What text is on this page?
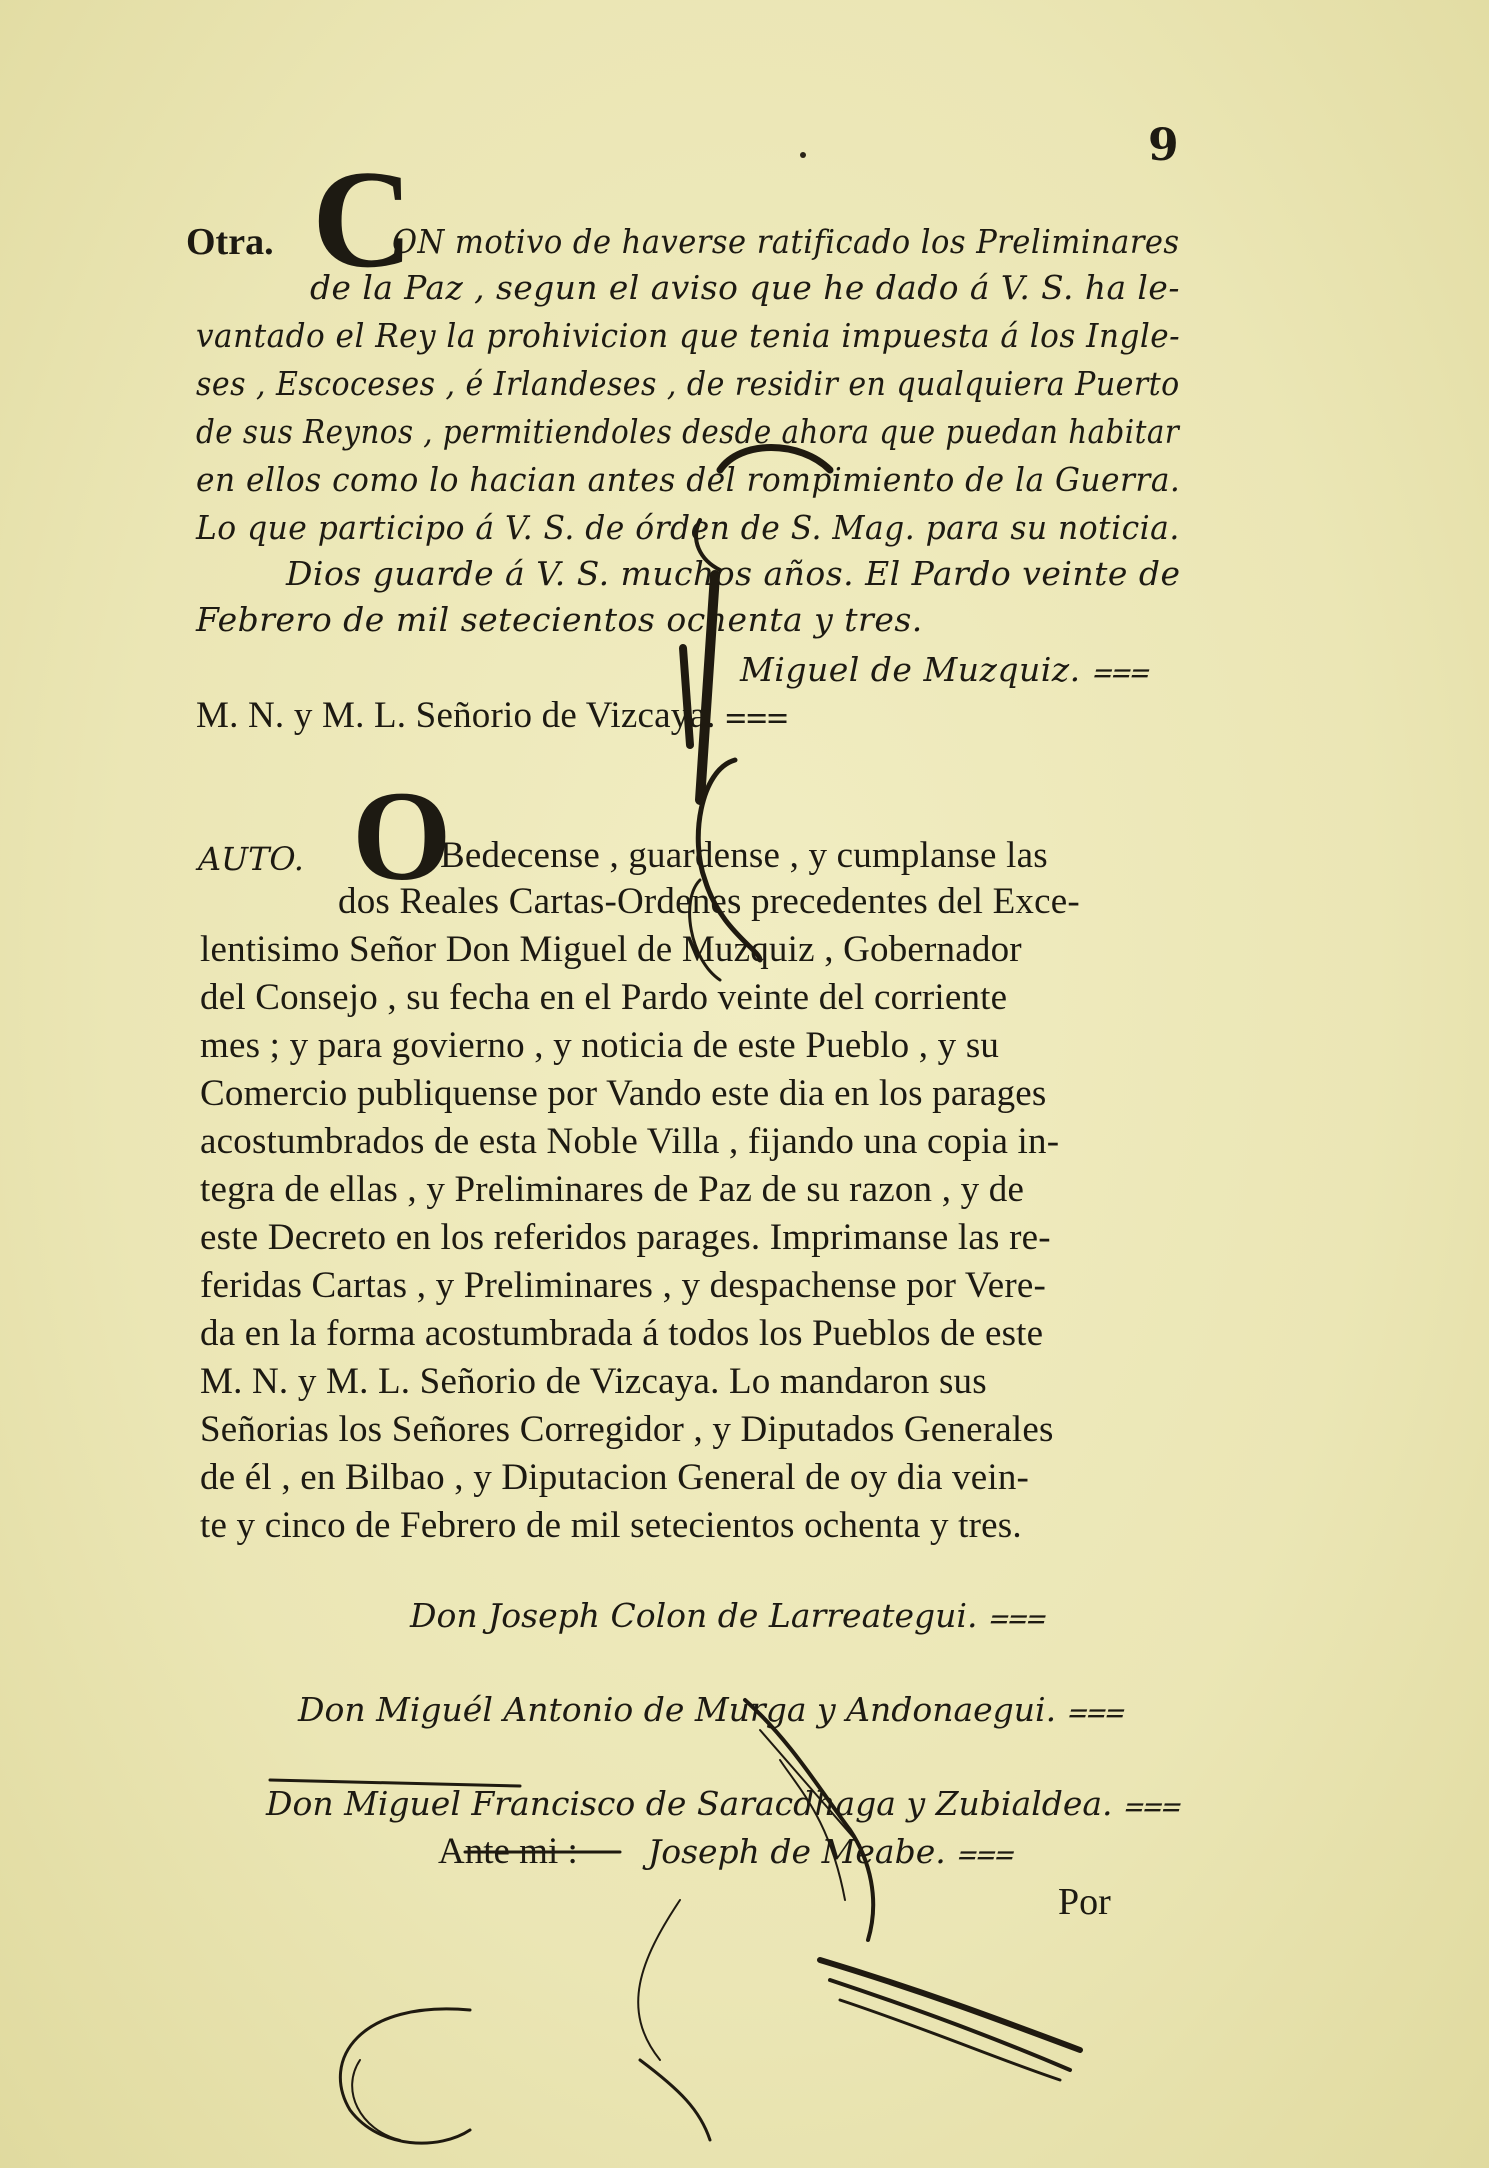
9
Otra. C
ON motivo de haverse ratificado los Preliminares
de la Paz , segun el aviso que he dado á V. S. ha le-
vantado el Rey la prohivicion que tenia impuesta á los Ingle-
ses , Escoceses , é Irlandeses , de residir en qualquiera Puerto
de sus Reynos , permitiendoles desde ahora que puedan habitar
en ellos como lo hacian antes del rompimiento de la Guerra.
Lo que participo á V. S. de órden de S. Mag. para su noticia.
Dios guarde á V. S. muchos años. El Pardo veinte de
Febrero de mil setecientos ochenta y tres.
Miguel de Muzquiz. ⩶
M. N. y M. L. Señorio de Vizcaya. ⩶
AUTO. O
Bedecense , guardense , y cumplanse las
dos Reales Cartas-Ordenes precedentes del Exce-
lentisimo Señor Don Miguel de Muzquiz , Gobernador
del Consejo , su fecha en el Pardo veinte del corriente
mes ; y para govierno , y noticia de este Pueblo , y su
Comercio publiquense por Vando este dia en los parages
acostumbrados de esta Noble Villa , fijando una copia in-
tegra de ellas , y Preliminares de Paz de su razon , y de
este Decreto en los referidos parages. Imprimanse las re-
feridas Cartas , y Preliminares , y despachense por Vere-
da en la forma acostumbrada á todos los Pueblos de este
M. N. y M. L. Señorio de Vizcaya. Lo mandaron sus
Señorias los Señores Corregidor , y Diputados Generales
de él , en Bilbao , y Diputacion General de oy dia vein-
te y cinco de Febrero de mil setecientos ochenta y tres.
Don Joseph Colon de Larreategui. ⩶
Don Miguél Antonio de Murga y Andonaegui. ⩶
Don Miguel Francisco de Saracdhaga y Zubialdea. ⩶
Ante mi : Joseph de Meabe. ⩶
Por
